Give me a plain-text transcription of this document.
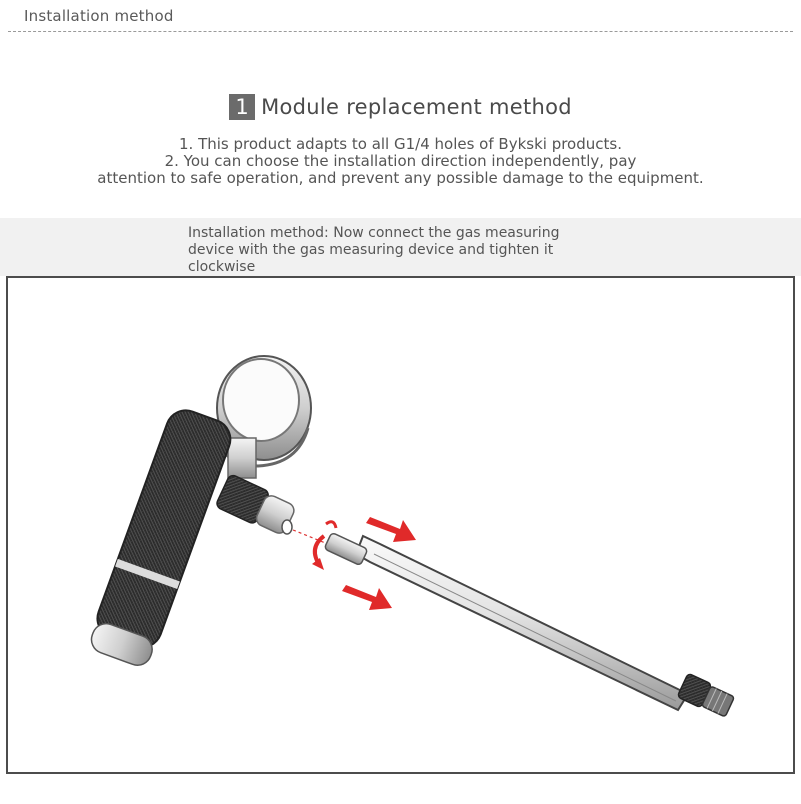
Installation method
1 Module replacement method
1. This product adapts to all G1/4 holes of Bykski products.
2. You can choose the installation direction independently, pay
attention to safe operation, and prevent any possible damage to the equipment.
Installation method: Now connect the gas measuring
device with the gas measuring device and tighten it
clockwise
